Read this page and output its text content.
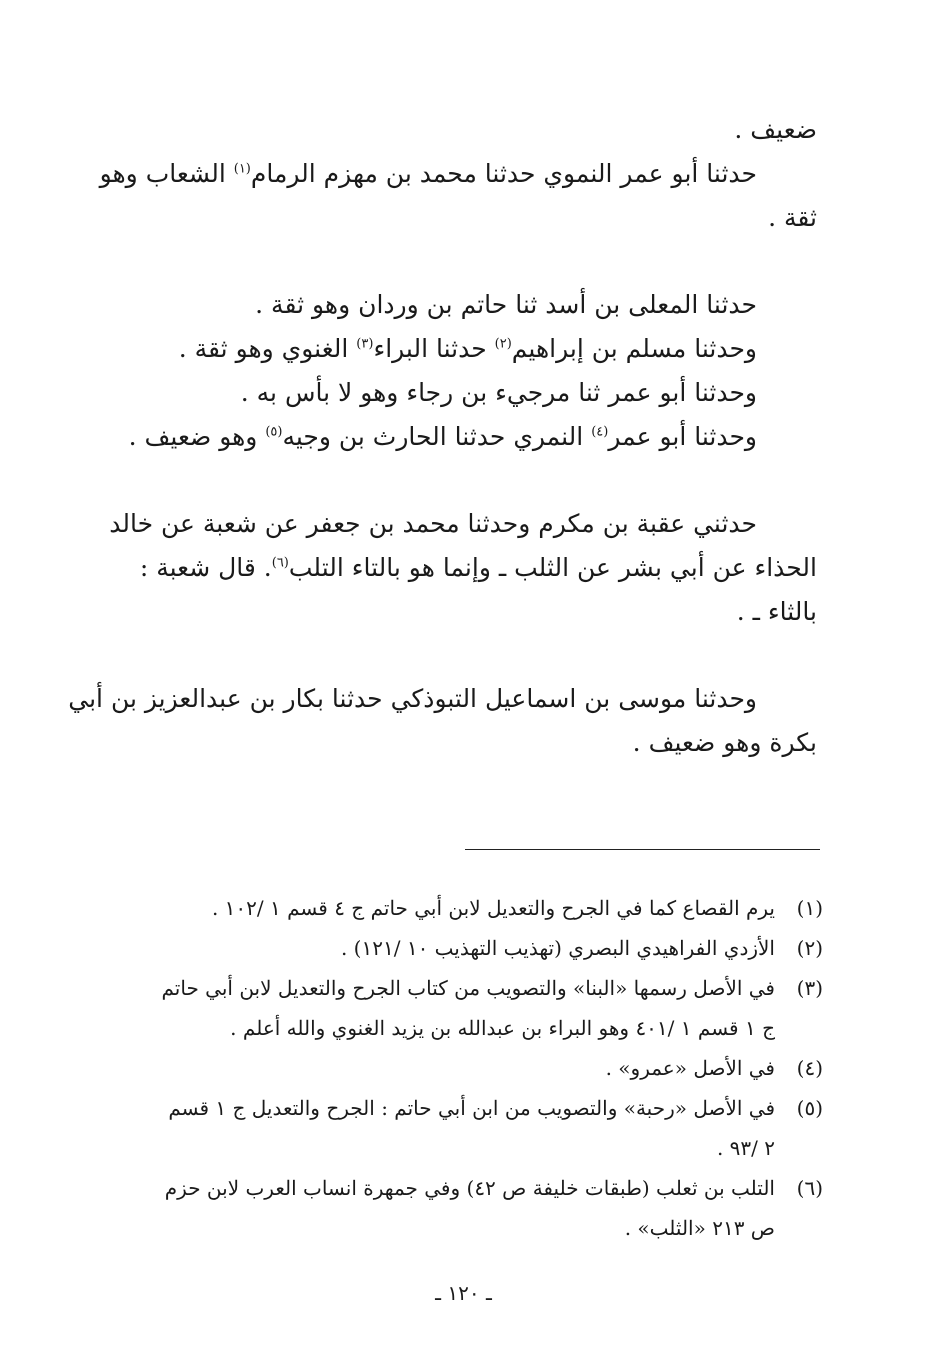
ضعيف .

حدثنا أبو عمر النموي حدثنا محمد بن مهزم الرمام$^{(١)}$ الشعاب وهو
ثقة .

حدثنا المعلى بن أسد ثنا حاتم بن وردان وهو ثقة .
وحدثنا مسلم بن إبراهيم$^{(٢)}$ حدثنا البراء$^{(٣)}$ الغنوي وهو ثقة .
وحدثنا أبو عمر ثنا مرجيء بن رجاء وهو لا بأس به .
وحدثنا أبو عمر$^{(٤)}$ النمري حدثنا الحارث بن وجيه$^{(٥)}$ وهو ضعيف .

حدثني عقبة بن مكرم وحدثنا محمد بن جعفر عن شعبة عن خالد
الحذاء عن أبي بشر عن الثلب ـ وإنما هو بالتاء التلب$^{(٦)}$. قال شعبة :
بالثاء ـ .

وحدثنا موسى بن اسماعيل التبوذكي حدثنا بكار بن عبدالعزيز بن أبي
بكرة وهو ضعيف .

(١)
يرم القصاع كما في الجرح والتعديل لابن أبي حاتم ج ٤ قسم ١ /١٠٢ .
(٢)
الأزدي الفراهيدي البصري (تهذيب التهذيب ١٠ /١٢١) .
(٣)
في الأصل رسمها «البنا» والتصويب من كتاب الجرح والتعديل لابن أبي حاتم
ج ١ قسم ١ /٤٠١ وهو البراء بن عبدالله بن يزيد الغنوي والله أعلم .
(٤)
في الأصل «عمرو» .
(٥)
في الأصل «رحبة» والتصويب من ابن أبي حاتم : الجرح والتعديل ج ١ قسم
٢ /٩٣ .
(٦)
التلب بن ثعلب (طبقات خليفة ص ٤٢) وفي جمهرة انساب العرب لابن حزم
ص ٢١٣ «الثلب» .
ـ ١٢٠ ـ
